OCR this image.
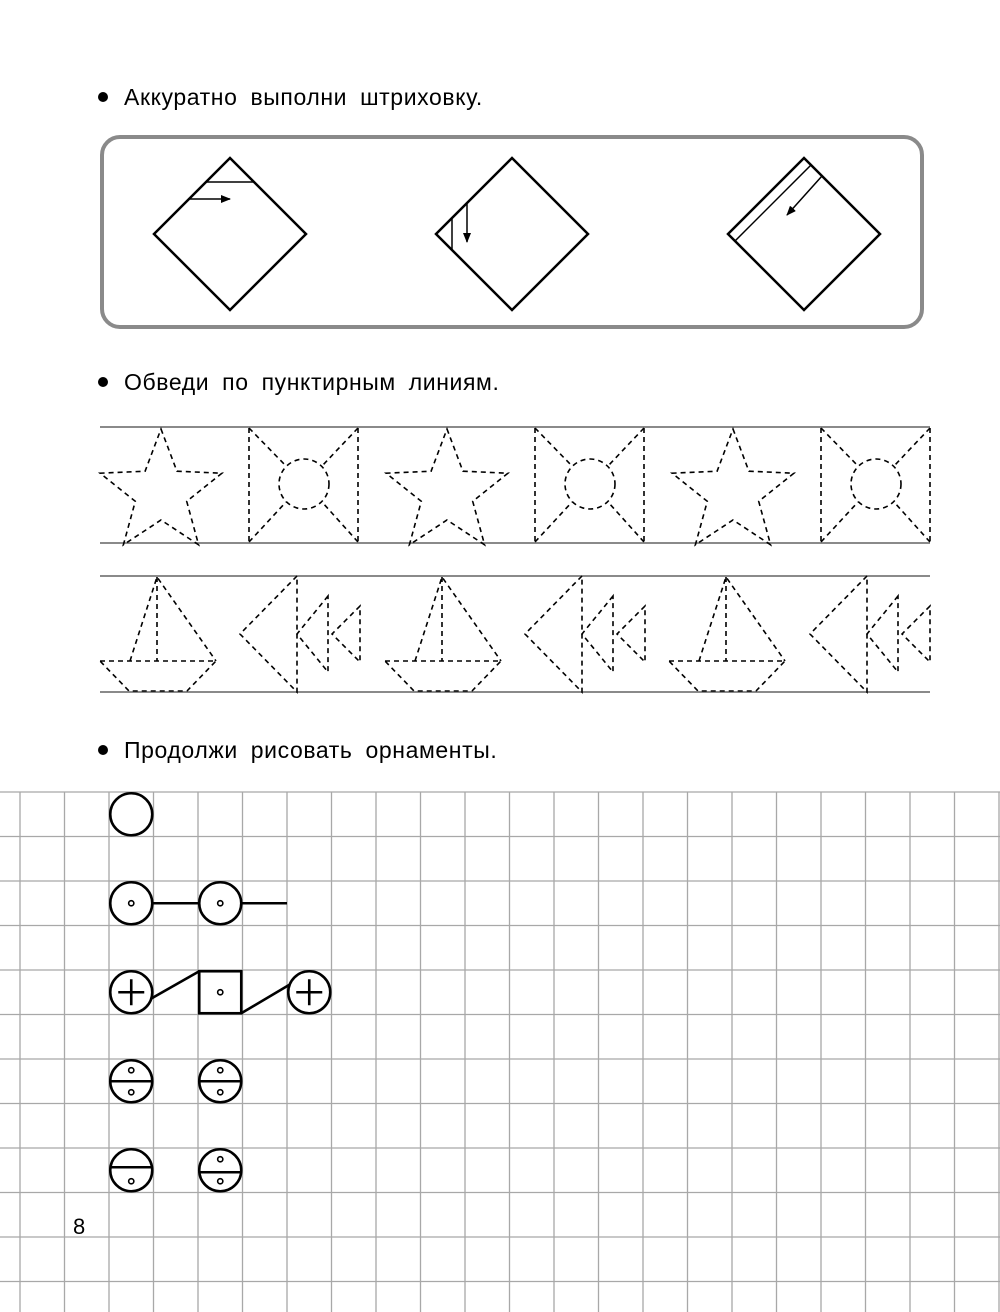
Аккуратно выполни штриховку.
Обведи по пунктирным линиям.
Продолжи рисовать орнаменты.
8
